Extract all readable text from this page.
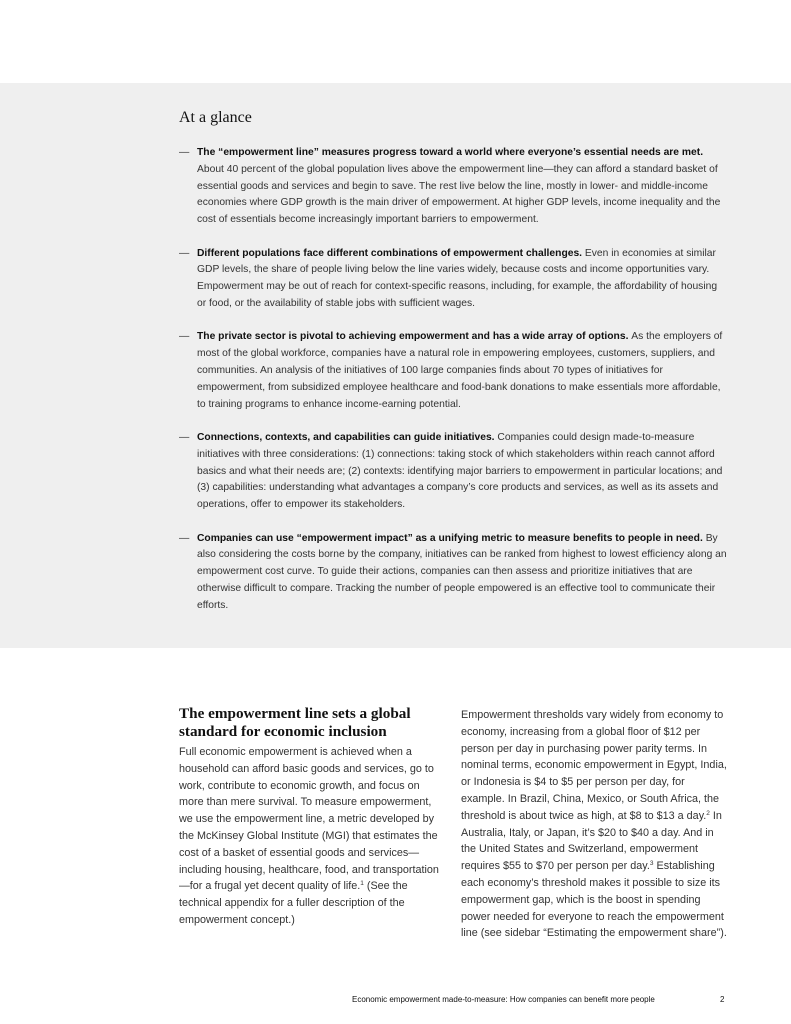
At a glance
— The “empowerment line” measures progress toward a world where everyone’s essential needs are met. About 40 percent of the global population lives above the empowerment line—they can afford a standard basket of essential goods and services and begin to save. The rest live below the line, mostly in lower- and middle-income economies where GDP growth is the main driver of empowerment. At higher GDP levels, income inequality and the cost of essentials become increasingly important barriers to empowerment.
— Different populations face different combinations of empowerment challenges. Even in economies at similar GDP levels, the share of people living below the line varies widely, because costs and income opportunities vary. Empowerment may be out of reach for context-specific reasons, including, for example, the affordability of housing or food, or the availability of stable jobs with sufficient wages.
— The private sector is pivotal to achieving empowerment and has a wide array of options. As the employers of most of the global workforce, companies have a natural role in empowering employees, customers, suppliers, and communities. An analysis of the initiatives of 100 large companies finds about 70 types of initiatives for empowerment, from subsidized employee healthcare and food-bank donations to make essentials more affordable, to training programs to enhance income-earning potential.
— Connections, contexts, and capabilities can guide initiatives. Companies could design made-to-measure initiatives with three considerations: (1) connections: taking stock of which stakeholders within reach cannot afford basics and what their needs are; (2) contexts: identifying major barriers to empowerment in particular locations; and (3) capabilities: understanding what advantages a company’s core products and services, as well as its assets and operations, offer to empower its stakeholders.
— Companies can use “empowerment impact” as a unifying metric to measure benefits to people in need. By also considering the costs borne by the company, initiatives can be ranked from highest to lowest efficiency along an empowerment cost curve. To guide their actions, companies can then assess and prioritize initiatives that are otherwise difficult to compare. Tracking the number of people empowered is an effective tool to communicate their efforts.
The empowerment line sets a global standard for economic inclusion

Full economic empowerment is achieved when a household can afford basic goods and services, go to work, contribute to economic growth, and focus on more than mere survival. To measure empowerment, we use the empowerment line, a metric developed by the McKinsey Global Institute (MGI) that estimates the cost of a basket of essential goods and services—including housing, healthcare, food, and transportation—for a frugal yet decent quality of life.$^1$ (See the technical appendix for a fuller description of the empowerment concept.)

Empowerment thresholds vary widely from economy to economy, increasing from a global floor of $12 per person per day in purchasing power parity terms. In nominal terms, economic empowerment in Egypt, India, or Indonesia is $4 to $5 per person per day, for example. In Brazil, China, Mexico, or South Africa, the threshold is about twice as high, at $8 to $13 a day.$^2$ In Australia, Italy, or Japan, it’s $20 to $40 a day. And in the United States and Switzerland, empowerment requires $55 to $70 per person per day.$^3$ Establishing each economy’s threshold makes it possible to size its empowerment gap, which is the boost in spending power needed for everyone to reach the empowerment line (see sidebar “Estimating the empowerment share”).

Economic empowerment made-to-measure: How companies can benefit more people	2
